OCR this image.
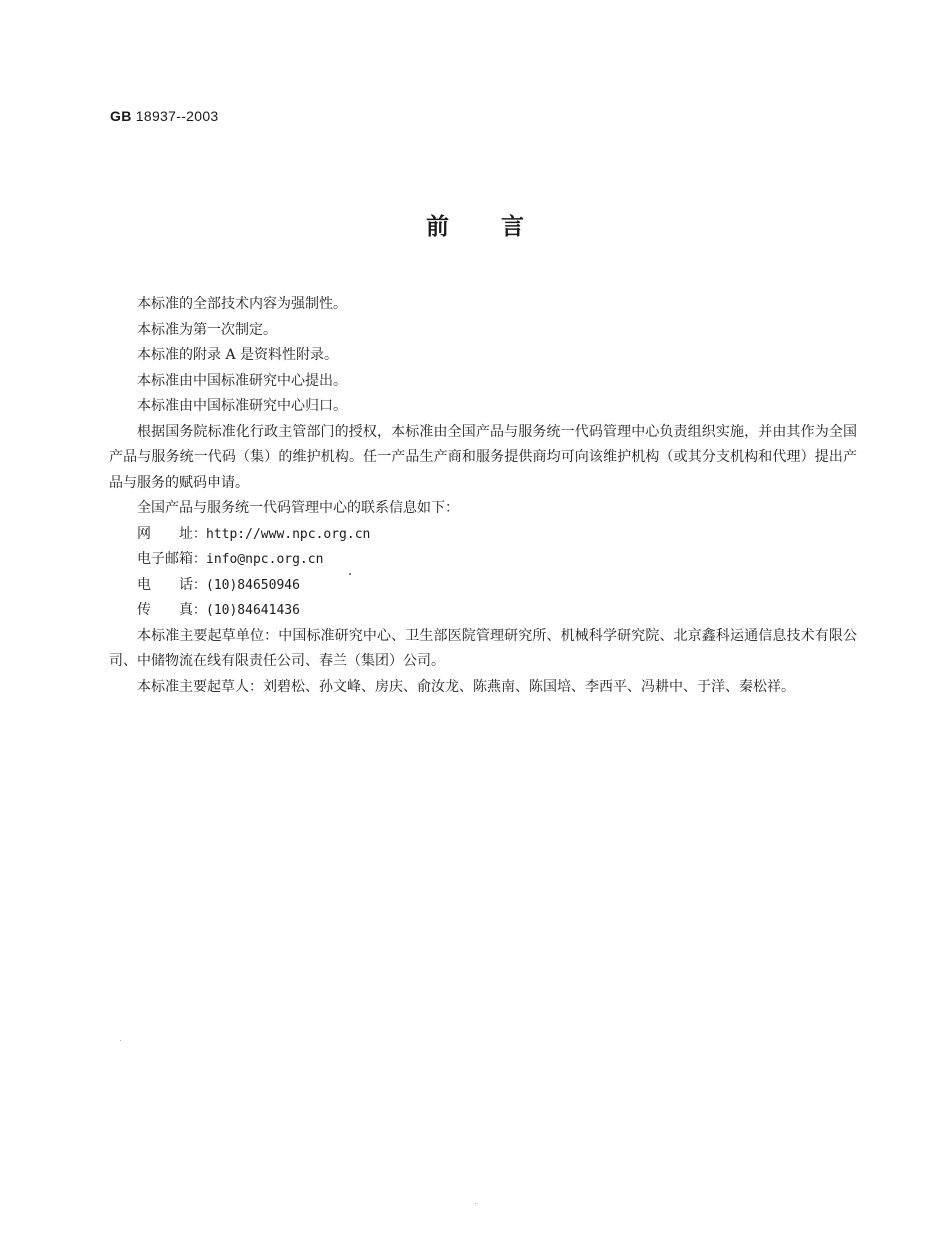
GB 18937--2003
前 言

本标准的全部技术内容为强制性。

本标准为第一次制定。

本标准的附录 A 是资料性附录。

本标准由中国标准研究中心提出。

本标准由中国标准研究中心归口。

根据国务院标准化行政主管部门的授权，本标准由全国产品与服务统一代码管理中心负责组织实施，并由其作为全国产品与服务统一代码（集）的维护机构。任一产品生产商和服务提供商均可向该维护机构（或其分支机构和代理）提出产品与服务的赋码申请。

全国产品与服务统一代码管理中心的联系信息如下：

网址 ：http://www.npc.org.cn

电子邮箱 ：info@npc.org.cn

电话 ：(10)84650946

传真 ：(10)84641436

本标准主要起草单位：中国标准研究中心、卫生部医院管理研究所、机械科学研究院、北京鑫科运通信息技术有限公司、中储物流在线有限责任公司、春兰（集团）公司。

本标准主要起草人：刘碧松、孙文峰、房庆、俞汝龙、陈燕南、陈国培、李西平、冯耕中、于洋、秦松祥。
